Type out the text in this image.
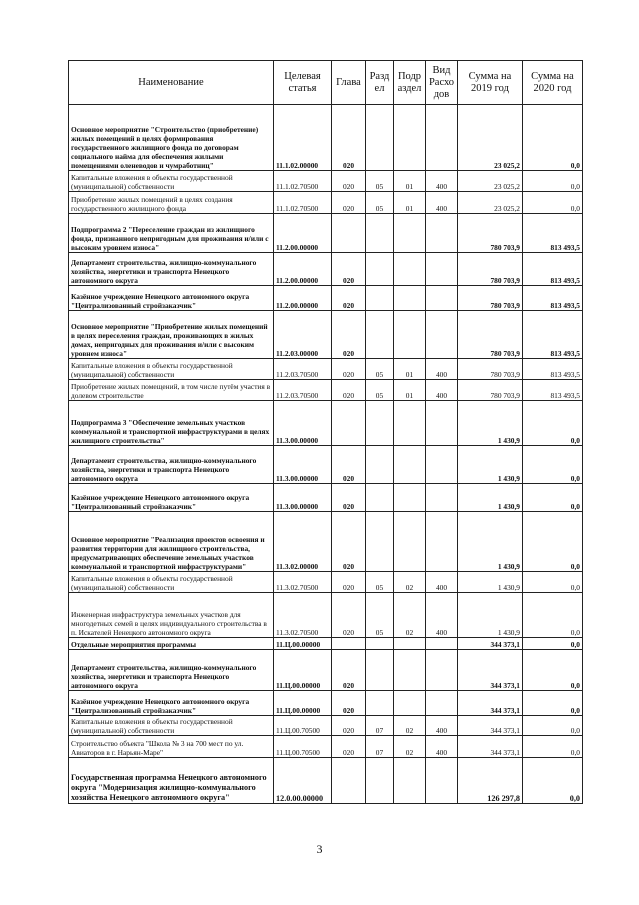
Наименование	Целевая статья	Глава	Разд ел	Подр аздел	Вид Расхо дов	Сумма на 2019 год	Сумма на 2020 год
Основное мероприятие "Строительство (приобретение) жилых помещений в целях формирования государственного жилищного фонда по договорам социального найма для обеспечения жилыми помещениями оленеводов и чумработниц"	11.1.02.00000	020				23 025,2	0,0
Капитальные вложения в объекты государственной (муниципальной) собственности	11.1.02.70500	020	05	01	400	23 025,2	0,0
Приобретение жилых помещений в целях создания государственного жилищного фонда	11.1.02.70500	020	05	01	400	23 025,2	0,0
Подпрограмма 2 "Переселение граждан из жилищного фонда, признанного непригодным для проживания и/или с высоким уровнем износа"	11.2.00.00000					780 703,9	813 493,5
Департамент строительства, жилищно-коммунального хозяйства, энергетики и транспорта Ненецкого автономного округа	11.2.00.00000	020				780 703,9	813 493,5
Казённое учреждение Ненецкого автономного округа "Централизованный стройзаказчик"	11.2.00.00000	020				780 703,9	813 493,5
Основное мероприятие "Приобретение жилых помещений в целях переселения граждан, проживающих в жилых домах, непригодных для проживания и/или с высоким уровнем износа"	11.2.03.00000	020				780 703,9	813 493,5
Капитальные вложения в объекты государственной (муниципальной) собственности	11.2.03.70500	020	05	01	400	780 703,9	813 493,5
Приобретение жилых помещений, в том числе путём участия в долевом строительстве	11.2.03.70500	020	05	01	400	780 703,9	813 493,5
Подпрограмма 3 "Обеспечение земельных участков коммунальной и транспортной инфраструктурами в целях жилищного строительства"	11.3.00.00000					1 430,9	0,0
Департамент строительства, жилищно-коммунального хозяйства, энергетики и транспорта Ненецкого автономного округа	11.3.00.00000	020				1 430,9	0,0
Казённое учреждение Ненецкого автономного округа "Централизованный стройзаказчик"	11.3.00.00000	020				1 430,9	0,0
Основное мероприятие "Реализация проектов освоения и развития территории для жилищного строительства, предусматривающих обеспечение земельных участков коммунальной и транспортной инфраструктурами"	11.3.02.00000	020				1 430,9	0,0
Капитальные вложения в объекты государственной (муниципальной) собственности	11.3.02.70500	020	05	02	400	1 430,9	0,0
Инженерная инфраструктура земельных участков для многодетных семей в целях индивидуального строительства в п. Искателей Ненецкого автономного округа	11.3.02.70500	020	05	02	400	1 430,9	0,0
Отдельные мероприятия программы	11.Ц.00.00000					344 373,1	0,0
Департамент строительства, жилищно-коммунального хозяйства, энергетики и транспорта Ненецкого автономного округа	11.Ц.00.00000	020				344 373,1	0,0
Казённое учреждение Ненецкого автономного округа "Централизованный стройзаказчик"	11.Ц.00.00000	020				344 373,1	0,0
Капитальные вложения в объекты государственной (муниципальной) собственности	11.Ц.00.70500	020	07	02	400	344 373,1	0,0
Строительство объекта "Школа № 3 на 700 мест по ул. Авиаторов в г. Нарьян-Маре"	11.Ц.00.70500	020	07	02	400	344 373,1	0,0
Государственная программа Ненецкого автономного округа "Модернизация жилищно-коммунального хозяйства Ненецкого автономного округа"	12.0.00.00000					126 297,8	0,0
3
